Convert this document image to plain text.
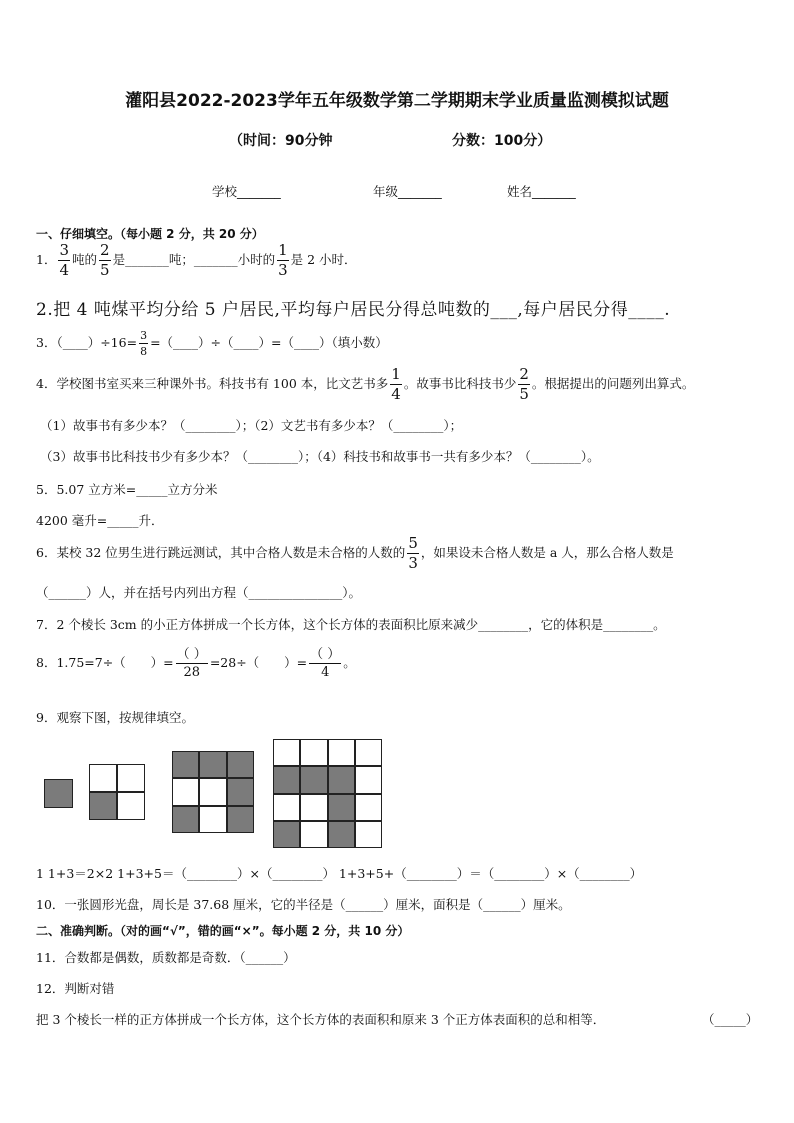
灌阳县2022-2023学年五年级数学第二学期期末学业质量监测模拟试题
（时间：90分钟	分数：100分）
学校_______	年级_______	姓名_______
一、仔细填空。（每小题 2 分，共 20 分）
1． $\frac{3}{4}$ 吨的 $\frac{2}{5}$ 是_______吨；_______小时的 $\frac{1}{3}$ 是 2 小时．
2.把 4 吨煤平均分给 5 户居民,平均每户居民分得总吨数的___,每户居民分得____.
3．（____）÷16= $\frac{3}{8}$ =（____）÷（____）=（____）（填小数）
4．学校图书室买来三种课外书。科技书有 100 本，比文艺书多 $\frac{1}{4}$ 。故事书比科技书少 $\frac{2}{5}$ 。根据提出的问题列出算式。
（1）故事书有多少本？（________）；（2）文艺书有多少本？（________）；
（3）故事书比科技书少有多少本？（________）；（4）科技书和故事书一共有多少本？（________）。
5．5.07 立方米=_____立方分米
4200 毫升=_____升．
6．某校 32 位男生进行跳远测试，其中合格人数是未合格的人数的 $\frac{5}{3}$ ，如果设未合格人数是 a 人，那么合格人数是
（______）人，并在括号内列出方程（_______________）。
7．2 个棱长 3cm 的小正方体拼成一个长方体，这个长方体的表面积比原来减少________，它的体积是________。
8．1.75=7÷（　　）= $\frac{( )}{28} =28\div$（　　）= $\frac{( )}{4}$ 。
9．观察下图，按规律填空。
1 1+3＝2×2 1+3+5＝（________）×（________） 1+3+5+（________）＝（________）×（________）
10．一张圆形光盘，周长是 37.68 厘米，它的半径是（______）厘米，面积是（______）厘米。
二、准确判断。（对的画“√”，错的画“×”。每小题 2 分，共 10 分）
11．合数都是偶数，质数都是奇数．（______）
12．判断对错
把 3 个棱长一样的正方体拼成一个长方体，这个长方体的表面积和原来 3 个正方体表面积的总和相等．	（_____）
